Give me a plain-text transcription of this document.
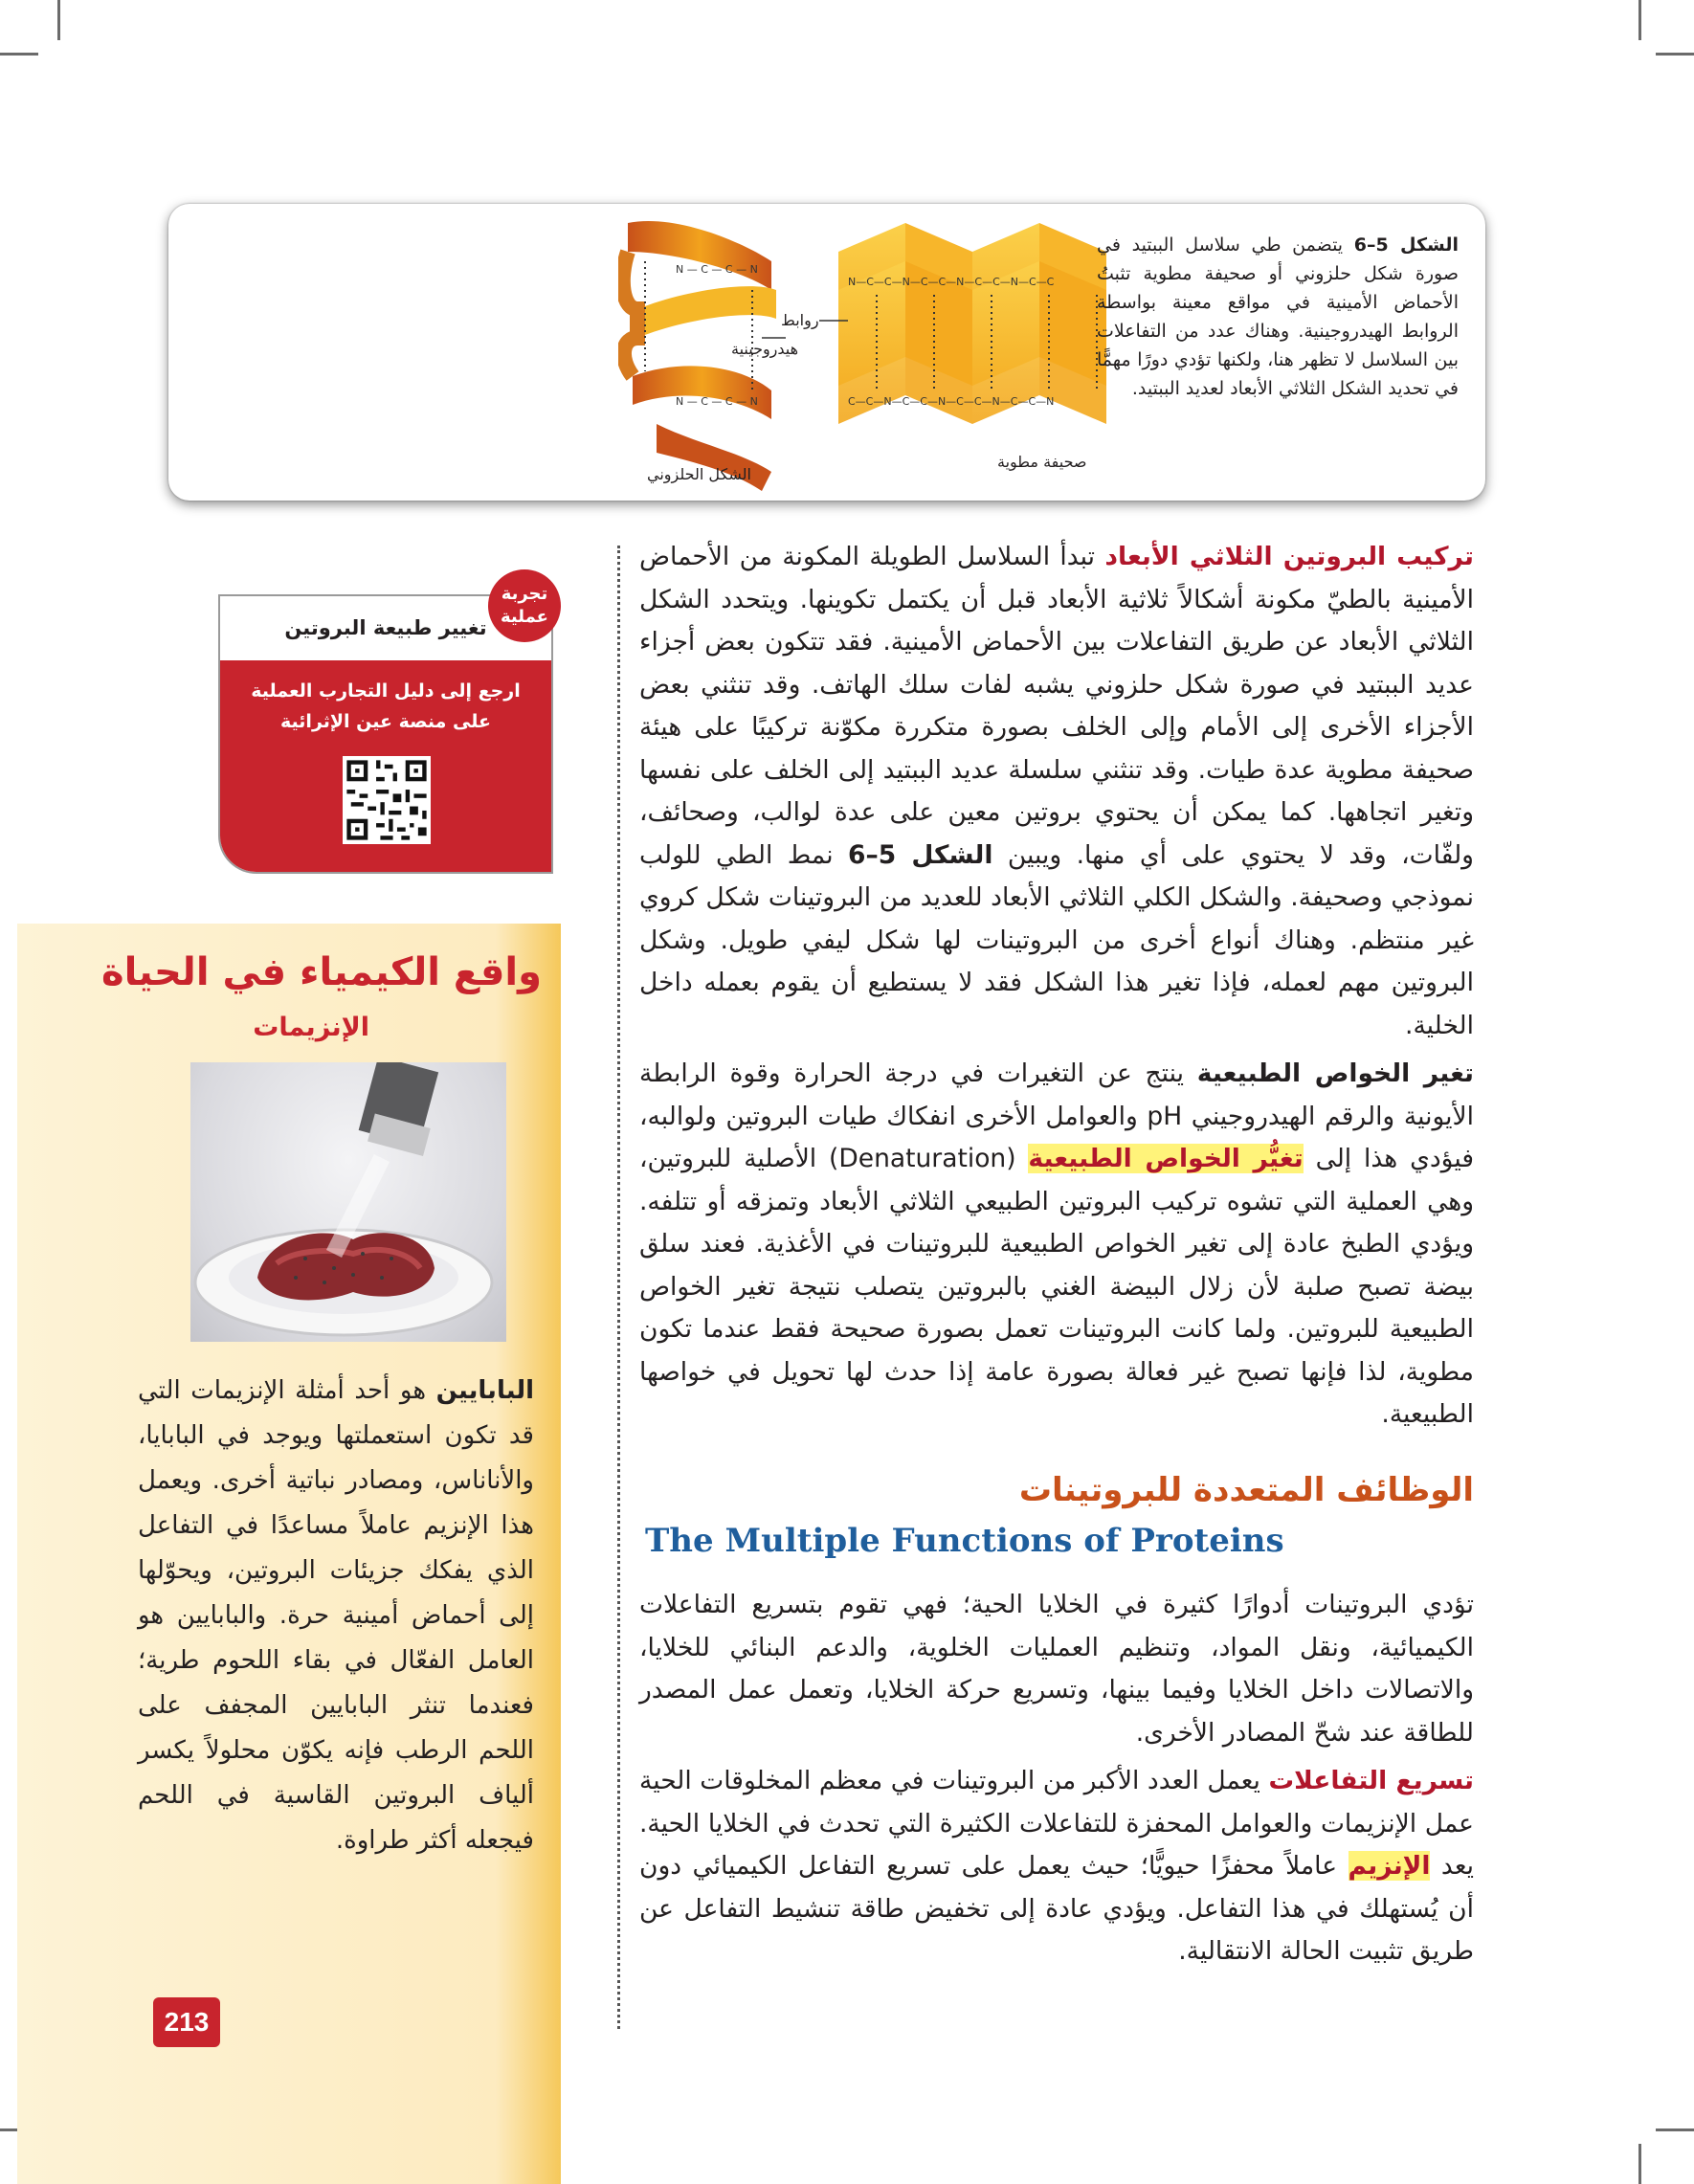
N — C — C — N
N — C — C — N
N—C—C—N—C—C—N—C—C—N—C—C
C—C—N—C—C—N—C—C—N—C—C—N
روابط
هيدروجينية
الشكل الحلزوني
صحيفة مطوية
الشكل 5–6 يتضمن طي سلاسل الببتيد في صورة شكل حلزوني أو صحيفة مطوية تثبتُ الأحماض الأمينية في مواقع معينة بواسطة الروابط الهيدروجينية. وهناك عدد من التفاعلات بين السلاسل لا تظهر هنا، ولكنها تؤدي دورًا مهمًّا في تحديد الشكل الثلاثي الأبعاد لعديد الببتيد.

تركيب البروتين الثلاثي الأبعاد تبدأ السلاسل الطويلة المكونة من الأحماض الأمينية بالطيّ مكونة أشكالاً ثلاثية الأبعاد قبل أن يكتمل تكوينها. ويتحدد الشكل الثلاثي الأبعاد عن طريق التفاعلات بين الأحماض الأمينية. فقد تتكون بعض أجزاء عديد الببتيد في صورة شكل حلزوني يشبه لفات سلك الهاتف. وقد تنثني بعض الأجزاء الأخرى إلى الأمام وإلى الخلف بصورة متكررة مكوّنة تركيبًا على هيئة صحيفة مطوية عدة طيات. وقد تنثني سلسلة عديد الببتيد إلى الخلف على نفسها وتغير اتجاهها. كما يمكن أن يحتوي بروتين معين على عدة لوالب، وصحائف، ولفّات، وقد لا يحتوي على أي منها. ويبين الشكل 5–6 نمط الطي للولب نموذجي وصحيفة. والشكل الكلي الثلاثي الأبعاد للعديد من البروتينات شكل كروي غير منتظم. وهناك أنواع أخرى من البروتينات لها شكل ليفي طويل. وشكل البروتين مهم لعمله، فإذا تغير هذا الشكل فقد لا يستطيع أن يقوم بعمله داخل الخلية.

تغير الخواص الطبيعية ينتج عن التغيرات في درجة الحرارة وقوة الرابطة الأيونية والرقم الهيدروجيني pH والعوامل الأخرى انفكاك طيات البروتين ولوالبه، فيؤدي هذا إلى تغيُّر الخواص الطبيعية (Denaturation) الأصلية للبروتين، وهي العملية التي تشوه تركيب البروتين الطبيعي الثلاثي الأبعاد وتمزقه أو تتلفه. ويؤدي الطبخ عادة إلى تغير الخواص الطبيعية للبروتينات في الأغذية. فعند سلق بيضة تصبح صلبة لأن زلال البيضة الغني بالبروتين يتصلب نتيجة تغير الخواص الطبيعية للبروتين. ولما كانت البروتينات تعمل بصورة صحيحة فقط عندما تكون مطوية، لذا فإنها تصبح غير فعالة بصورة عامة إذا حدث لها تحويل في خواصها الطبيعية.

الوظائف المتعددة للبروتينات
The Multiple Functions of Proteins

تؤدي البروتينات أدوارًا كثيرة في الخلايا الحية؛ فهي تقوم بتسريع التفاعلات الكيميائية، ونقل المواد، وتنظيم العمليات الخلوية، والدعم البنائي للخلايا، والاتصالات داخل الخلايا وفيما بينها، وتسريع حركة الخلايا، وتعمل عمل المصدر للطاقة عند شحّ المصادر الأخرى.

تسريع التفاعلات يعمل العدد الأكبر من البروتينات في معظم المخلوقات الحية عمل الإنزيمات والعوامل المحفزة للتفاعلات الكثيرة التي تحدث في الخلايا الحية. يعد الإنزيم عاملاً محفزًا حيويًّا؛ حيث يعمل على تسريع التفاعل الكيميائي دون أن يُستهلك في هذا التفاعل. ويؤدي عادة إلى تخفيض طاقة تنشيط التفاعل عن طريق تثبيت الحالة الانتقالية.

تغيير طبيعة البروتين
ارجع إلى دليل التجارب العملية على منصة عين الإثرائية
تجربة عملية
واقع الكيمياء في الحياة
الإنزيمات
البابايين هو أحد أمثلة الإنزيمات التي قد تكون استعملتها ويوجد في البابايا، والأناناس، ومصادر نباتية أخرى. ويعمل هذا الإنزيم عاملاً مساعدًا في التفاعل الذي يفكك جزيئات البروتين، ويحوّلها إلى أحماض أمينية حرة. والبابايين هو العامل الفعّال في بقاء اللحوم طرية؛ فعندما تنثر البابايين المجفف على اللحم الرطب فإنه يكوّن محلولاً يكسر ألياف البروتين القاسية في اللحم فيجعله أكثر طراوة.
213
